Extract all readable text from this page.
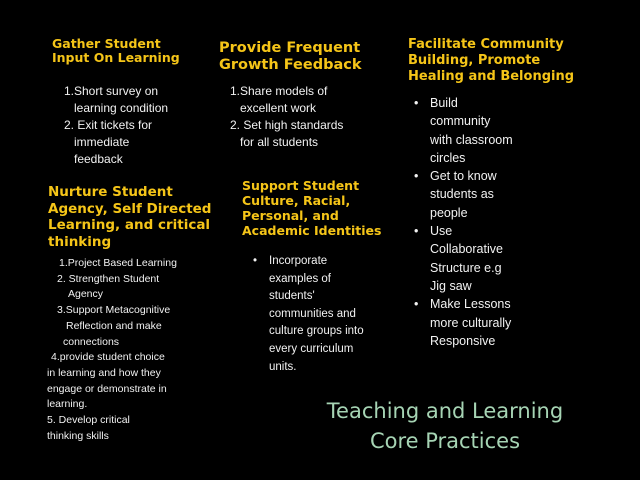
Gather Student
Input On Learning
1.Short survey on
learning condition
2. Exit tickets for
immediate
feedback
Provide Frequent
Growth Feedback
1.Share models of
excellent work
2. Set high standards
for all students
Facilitate Community
Building, Promote
Healing and Belonging
• Build
community
with classroom
circles
• Get to know
students as
people
• Use
Collaborative
Structure e.g
Jig saw
• Make Lessons
more culturally
Responsive
Nurture Student
Agency, Self Directed
Learning, and critical
thinking
1.Project Based Learning
2. Strengthen Student
Agency
3.Support Metacognitive
Reflection and make
connections
4.provide student choice
in learning and how they
engage or demonstrate in
learning.
5. Develop critical
thinking skills
Support Student
Culture, Racial,
Personal, and
Academic Identities
• Incorporate
examples of
students'
communities and
culture groups into
every curriculum
units.
Teaching and Learning
Core Practices
